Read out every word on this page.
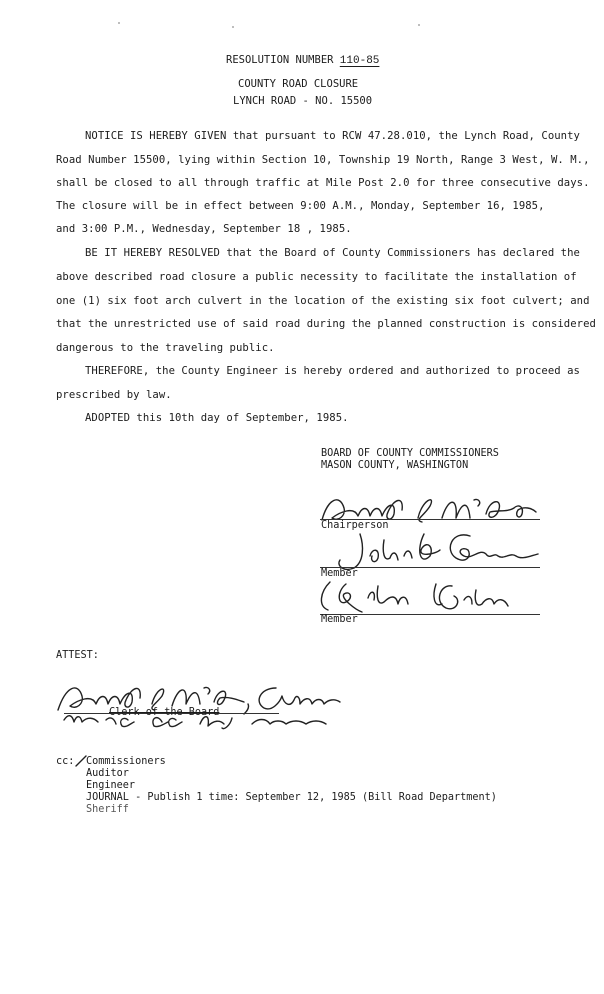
RESOLUTION NUMBER 110-85
COUNTY ROAD CLOSURE
LYNCH ROAD - NO. 15500
NOTICE IS HEREBY GIVEN that pursuant to RCW 47.28.010, the Lynch Road, County
Road Number 15500, lying within Section 10, Township 19 North, Range 3 West, W. M.,
shall be closed to all through traffic at Mile Post 2.0 for three consecutive days.
The closure will be in effect between 9:00 A.M., Monday, September 16, 1985,
and 3:00 P.M., Wednesday, September 18 , 1985.
BE IT HEREBY RESOLVED that the Board of County Commissioners has declared the
above described road closure a public necessity to facilitate the installation of
one (1) six foot arch culvert in the location of the existing six foot culvert; and
that the unrestricted use of said road during the planned construction is considered
dangerous to the traveling public.
THEREFORE, the County Engineer is hereby ordered and authorized to proceed as
prescribed by law.
ADOPTED this 10th day of September, 1985.
BOARD OF COUNTY COMMISSIONERS
MASON COUNTY, WASHINGTON
Chairperson
Member
Member
ATTEST:
Clerk of the Board
cc: Commissioners
Auditor
Engineer
JOURNAL - Publish 1 time: September 12, 1985 (Bill Road Department)
Sheriff
